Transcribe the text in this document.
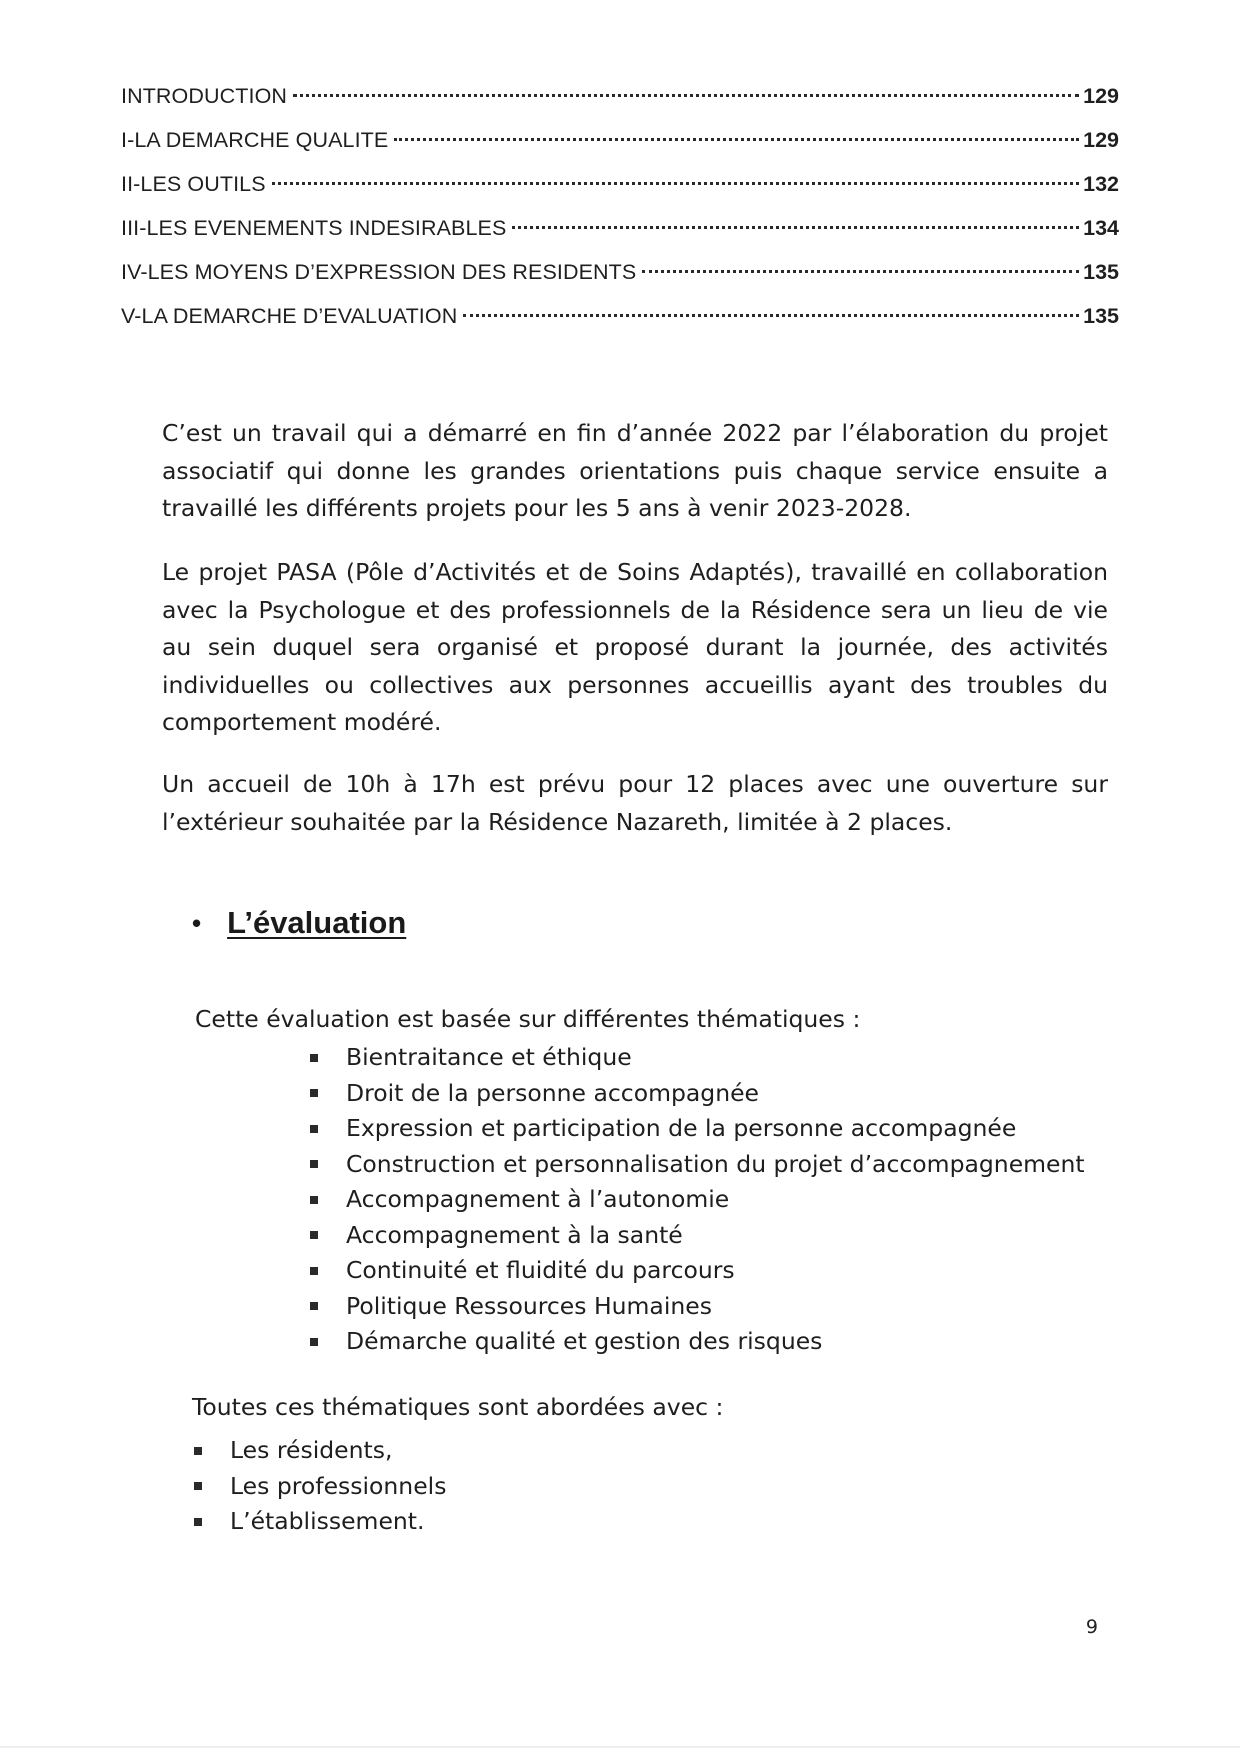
INTRODUCTION	129
I-LA DEMARCHE QUALITE	129
II-LES OUTILS	132
III-LES EVENEMENTS INDESIRABLES	134
IV-LES MOYENS D’EXPRESSION DES RESIDENTS	135
V-LA DEMARCHE D’EVALUATION	135

C’est un travail qui a démarré en fin d’année 2022 par l’élaboration du projet associatif qui donne les grandes orientations puis chaque service ensuite a travaillé les différents projets pour les 5 ans à venir 2023-2028.

Le projet PASA (Pôle d’Activités et de Soins Adaptés), travaillé en collaboration avec la Psychologue et des professionnels de la Résidence sera un lieu de vie au sein duquel sera organisé et proposé durant la journée, des activités individuelles ou collectives aux personnes accueillis ayant des troubles du comportement modéré.

Un accueil de 10h à 17h est prévu pour 12 places avec une ouverture sur l’extérieur souhaitée par la Résidence Nazareth, limitée à 2 places.

• L’évaluation

Cette évaluation est basée sur différentes thématiques :

Bientraitance et éthique
Droit de la personne accompagnée
Expression et participation de la personne accompagnée
Construction et personnalisation du projet d’accompagnement
Accompagnement à l’autonomie
Accompagnement à la santé
Continuité et fluidité du parcours
Politique Ressources Humaines
Démarche qualité et gestion des risques

Toutes ces thématiques sont abordées avec :

Les résidents,
Les professionnels
L’établissement.

9
